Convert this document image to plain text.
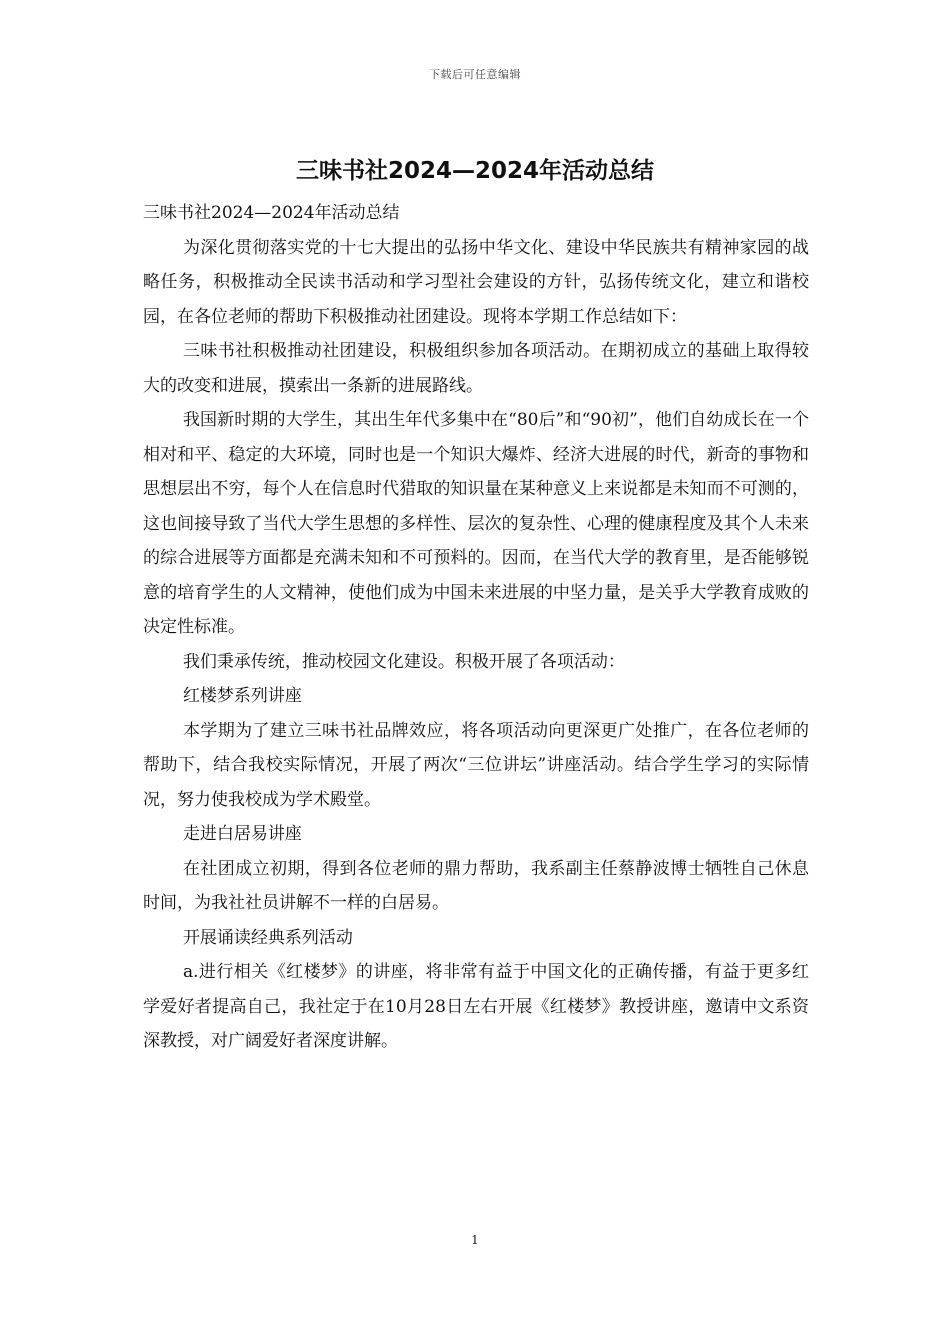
下载后可任意编辑
三味书社2024—2024年活动总结

三味书社2024—2024年活动总结

为深化贯彻落实党的十七大提出的弘扬中华文化、建设中华民族共有精神家园的战略任务，积极推动全民读书活动和学习型社会建设的方针，弘扬传统文化，建立和谐校园，在各位老师的帮助下积极推动社团建设。现将本学期工作总结如下：

三味书社积极推动社团建设，积极组织参加各项活动。在期初成立的基础上取得较大的改变和进展，摸索出一条新的进展路线。

我国新时期的大学生，其出生年代多集中在“80后”和“90初”，他们自幼成长在一个相对和平、稳定的大环境，同时也是一个知识大爆炸、经济大进展的时代，新奇的事物和思想层出不穷，每个人在信息时代猎取的知识量在某种意义上来说都是未知而不可测的，这也间接导致了当代大学生思想的多样性、层次的复杂性、心理的健康程度及其个人未来的综合进展等方面都是充满未知和不可预料的。因而，在当代大学的教育里，是否能够锐意的培育学生的人文精神，使他们成为中国未来进展的中坚力量，是关乎大学教育成败的决定性标准。

我们秉承传统，推动校园文化建设。积极开展了各项活动：

红楼梦系列讲座

本学期为了建立三味书社品牌效应，将各项活动向更深更广处推广，在各位老师的帮助下，结合我校实际情况，开展了两次“三位讲坛”讲座活动。结合学生学习的实际情况，努力使我校成为学术殿堂。

走进白居易讲座

在社团成立初期，得到各位老师的鼎力帮助，我系副主任蔡静波博士牺牲自己休息时间，为我社社员讲解不一样的白居易。

开展诵读经典系列活动

a.进行相关《红楼梦》的讲座，将非常有益于中国文化的正确传播，有益于更多红学爱好者提高自己，我社定于在10月28日左右开展《红楼梦》教授讲座，邀请中文系资深教授，对广阔爱好者深度讲解。

1
